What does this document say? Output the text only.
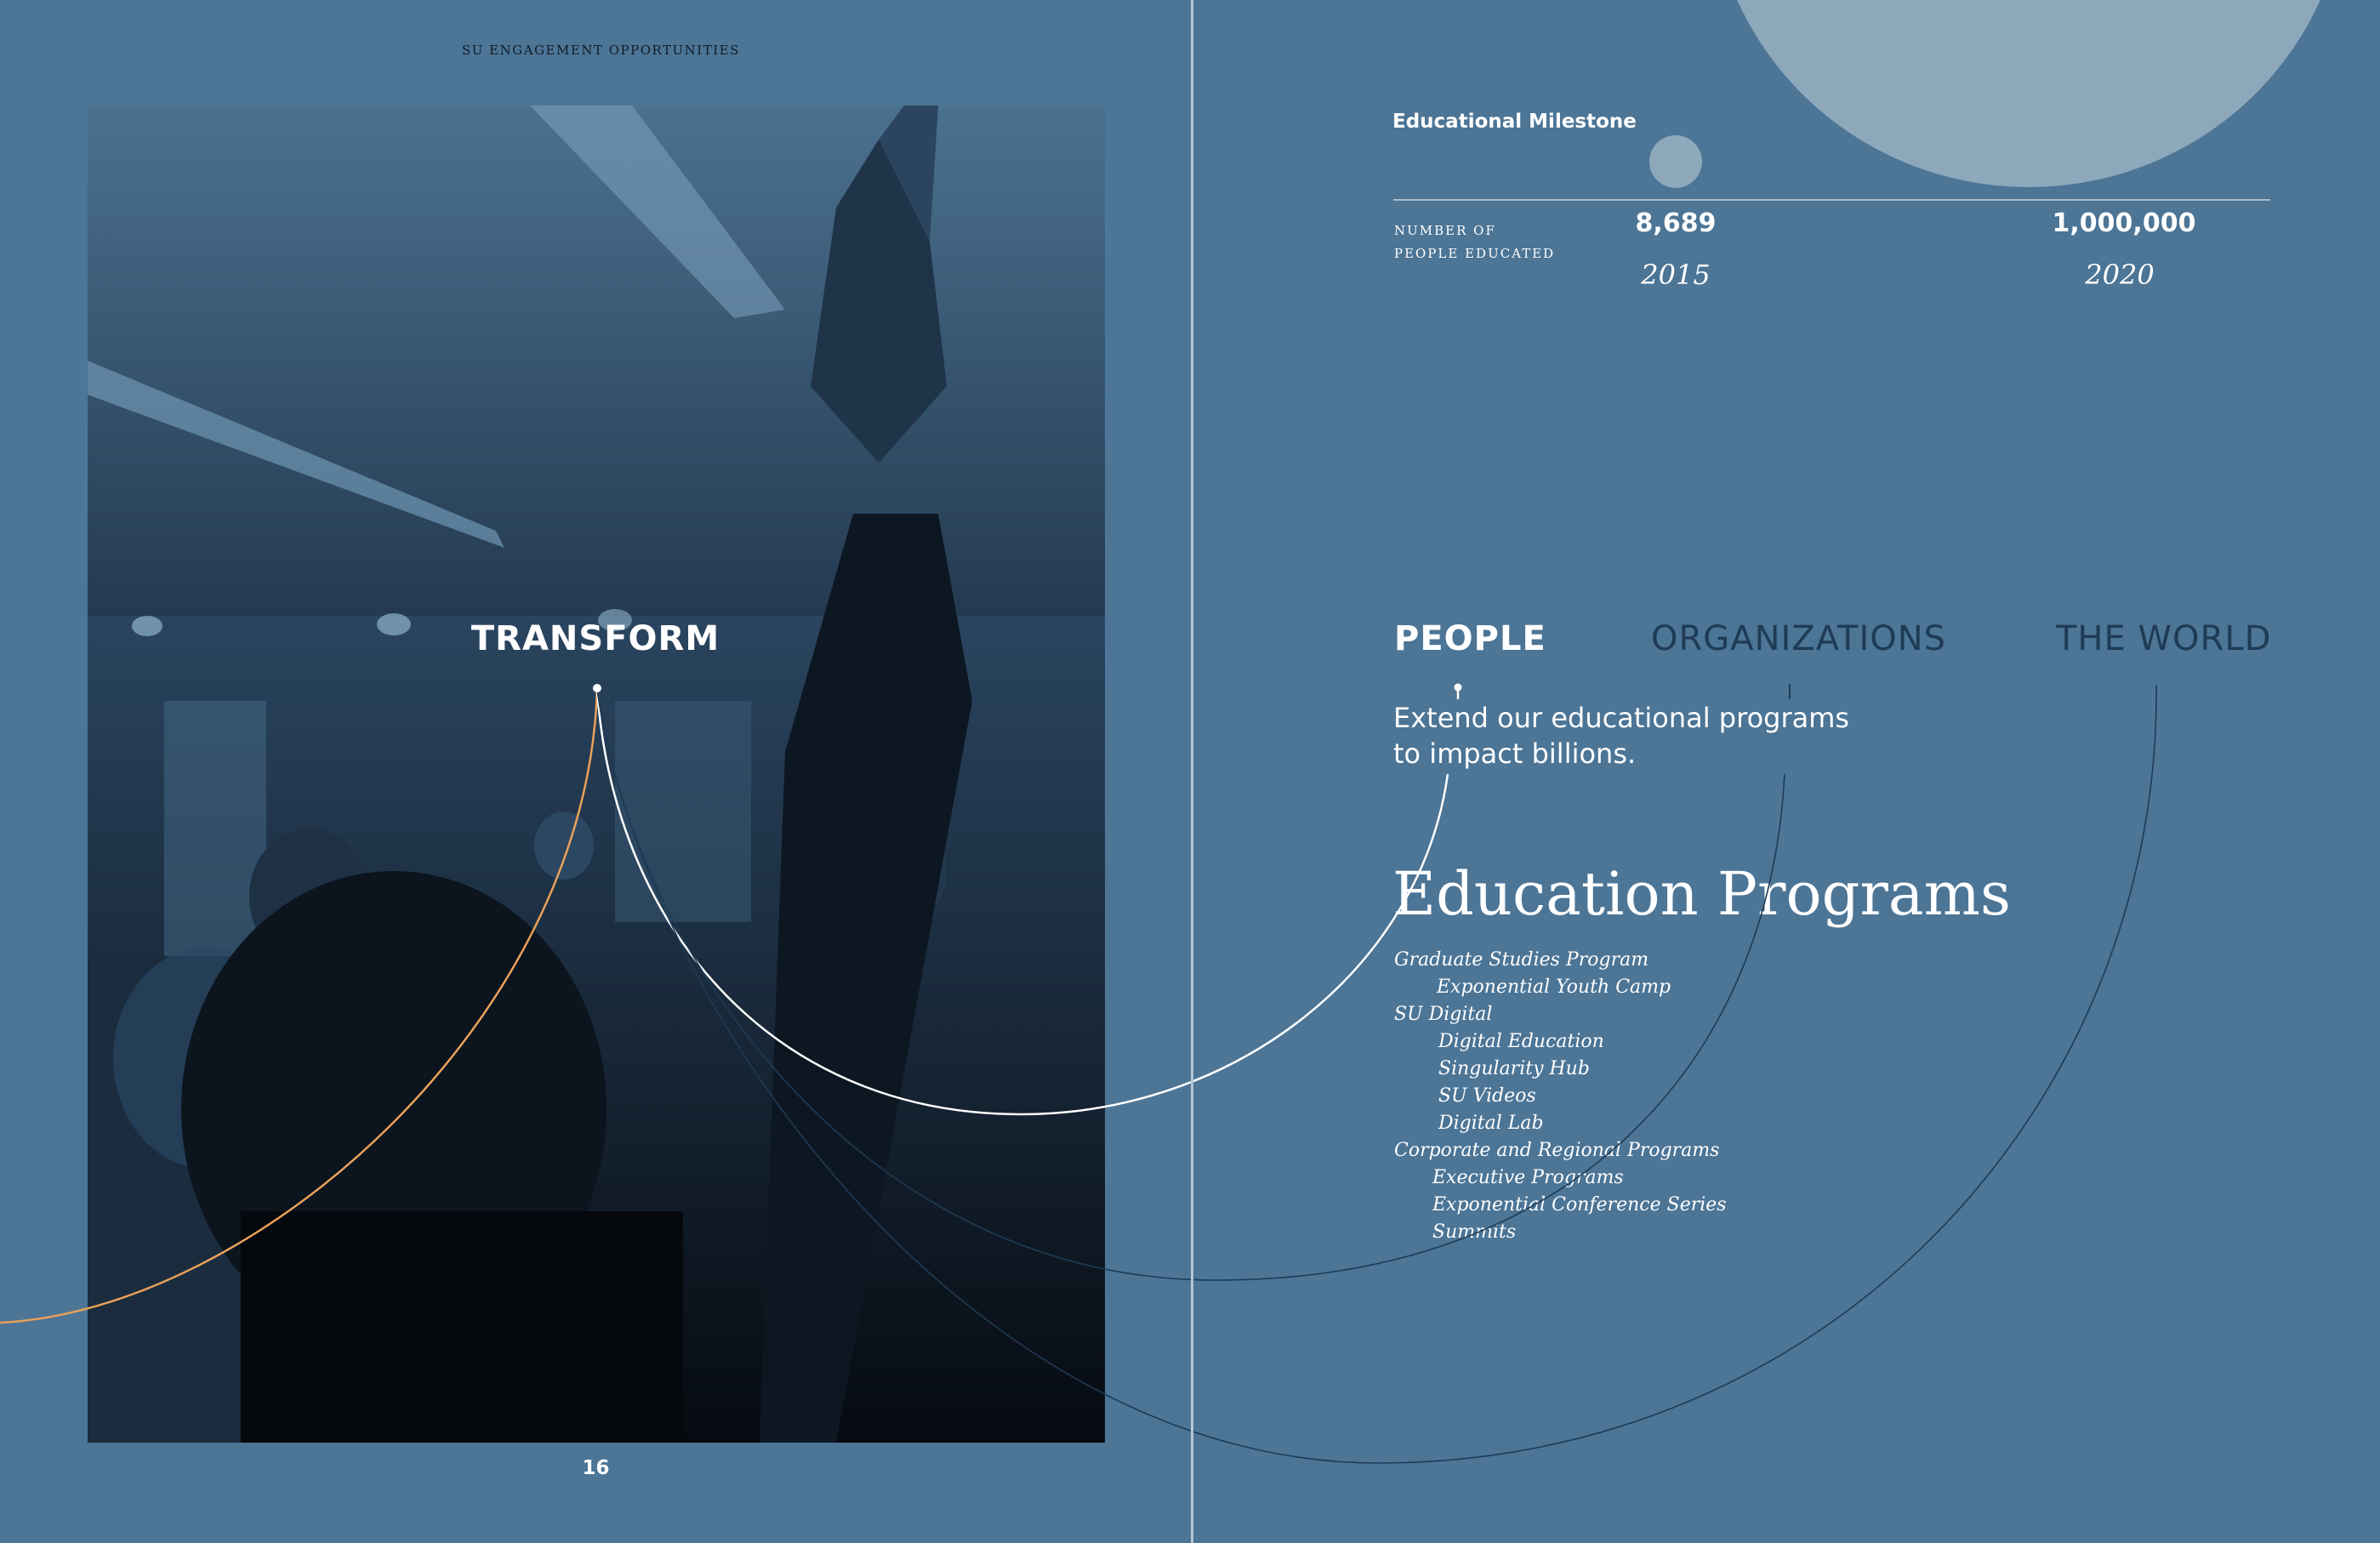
SU ENGAGEMENT OPPORTUNITIES
TRANSFORM
16
Educational Milestone
NUMBER OF
PEOPLE EDUCATED
8,689
2015
1,000,000
2020
PEOPLE	ORGANIZATIONS	THE WORLD
Extend our educational programs
to impact billions.
Education Programs
Graduate Studies Program
Exponential Youth Camp
SU Digital
Digital Education
Singularity Hub
SU Videos
Digital Lab
Corporate and Regional Programs
Executive Programs
Exponential Conference Series
Summits
